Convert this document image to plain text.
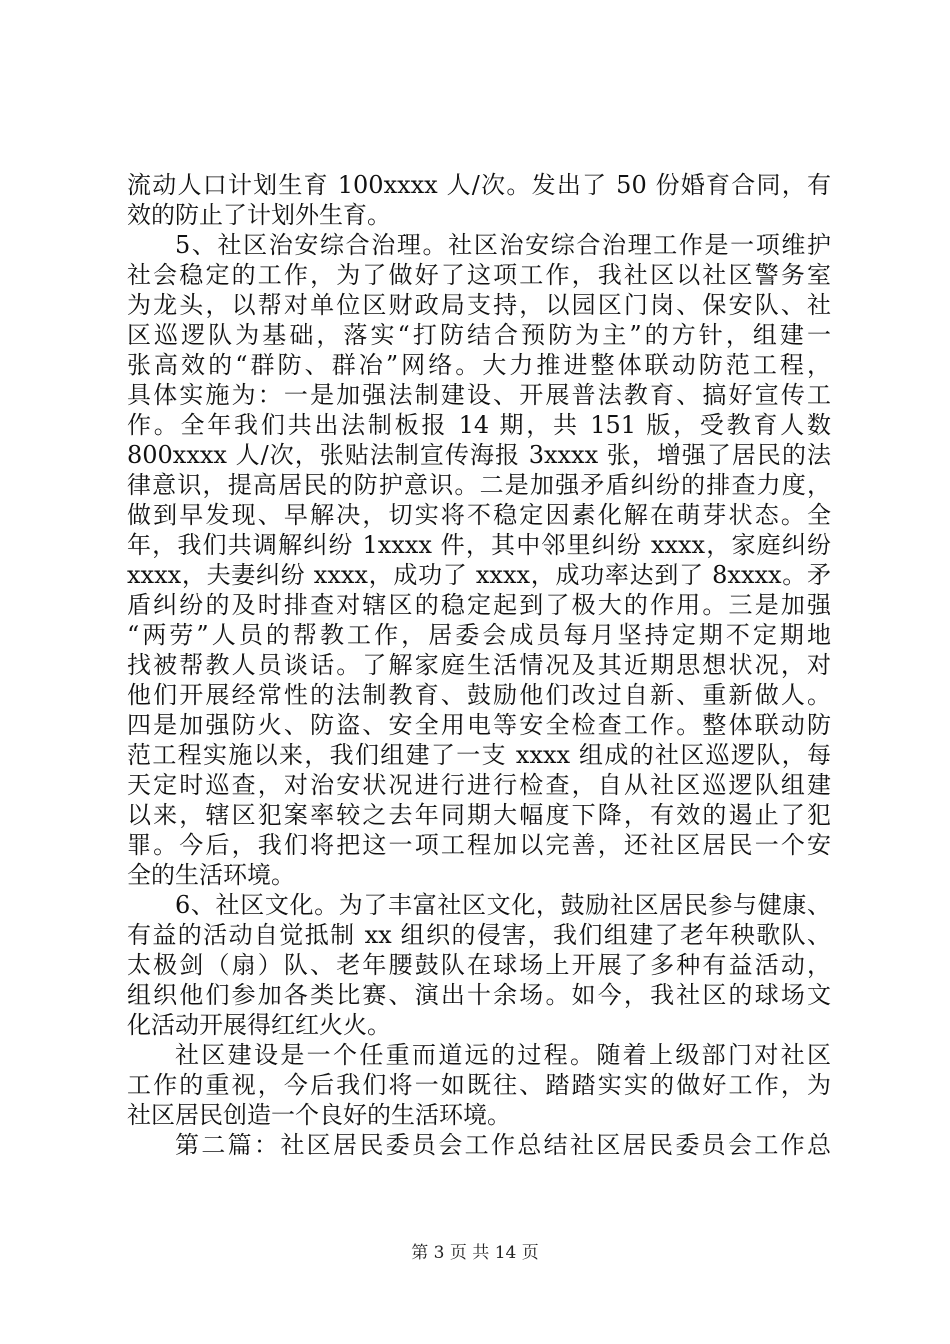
流动人口计划生育 100xxxx 人/次。发出了 50 份婚育合同，有
效的防止了计划外生育。
5、社区治安综合治理。社区治安综合治理工作是一项维护
社会稳定的工作，为了做好了这项工作，我社区以社区警务室
为龙头，以帮对单位区财政局支持，以园区门岗、保安队、社
区巡逻队为基础，落实“打防结合预防为主”的方针，组建一
张高效的“群防、群冶”网络。大力推进整体联动防范工程，
具体实施为：一是加强法制建设、开展普法教育、搞好宣传工
作。全年我们共出法制板报 14 期，共 151 版，受教育人数
800xxxx 人/次，张贴法制宣传海报 3xxxx 张，增强了居民的法
律意识，提高居民的防护意识。二是加强矛盾纠纷的排查力度，
做到早发现、早解决，切实将不稳定因素化解在萌芽状态。全
年，我们共调解纠纷 1xxxx 件，其中邻里纠纷 xxxx，家庭纠纷
xxxx，夫妻纠纷 xxxx，成功了 xxxx，成功率达到了 8xxxx。矛
盾纠纷的及时排查对辖区的稳定起到了极大的作用。三是加强
“两劳”人员的帮教工作，居委会成员每月坚持定期不定期地
找被帮教人员谈话。了解家庭生活情况及其近期思想状况，对
他们开展经常性的法制教育、鼓励他们改过自新、重新做人。
四是加强防火、防盗、安全用电等安全检查工作。整体联动防
范工程实施以来，我们组建了一支 xxxx 组成的社区巡逻队，每
天定时巡查，对治安状况进行进行检查，自从社区巡逻队组建
以来，辖区犯案率较之去年同期大幅度下降，有效的遏止了犯
罪。今后，我们将把这一项工程加以完善，还社区居民一个安
全的生活环境。
6、社区文化。为了丰富社区文化，鼓励社区居民参与健康、
有益的活动自觉抵制 xx 组织的侵害，我们组建了老年秧歌队、
太极剑（扇）队、老年腰鼓队在球场上开展了多种有益活动，
组织他们参加各类比赛、演出十余场。如今，我社区的球场文
化活动开展得红红火火。
社区建设是一个任重而道远的过程。随着上级部门对社区
工作的重视，今后我们将一如既往、踏踏实实的做好工作，为
社区居民创造一个良好的生活环境。
第二篇：社区居民委员会工作总结社区居民委员会工作总
第 3 页 共 14 页
